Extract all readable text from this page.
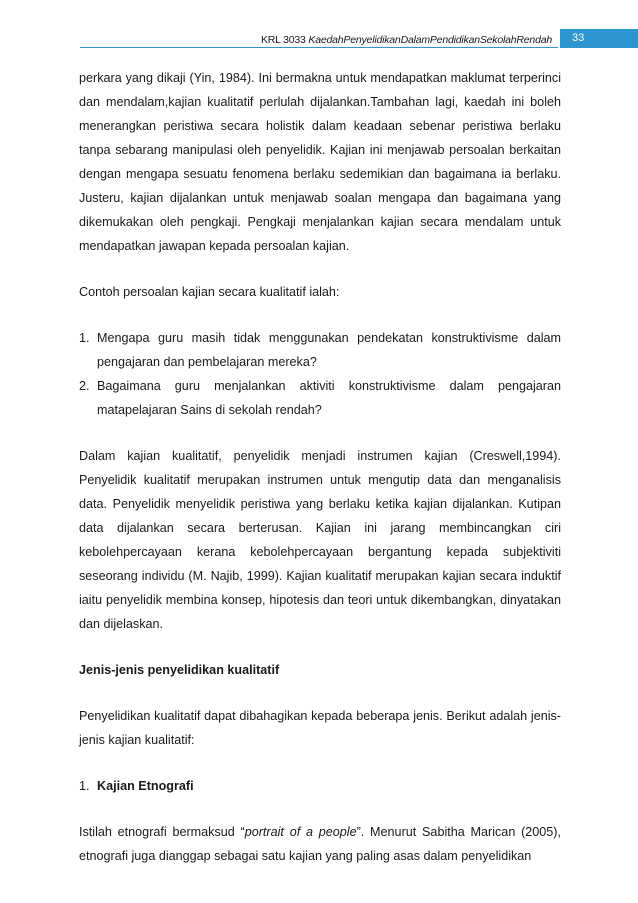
KRL 3033 KaedahPenyelidikanDalamPendidikanSekolahRendah	33

perkara yang dikaji (Yin, 1984). Ini bermakna untuk mendapatkan maklumat terperinci dan mendalam,kajian kualitatif perlulah dijalankan.Tambahan lagi, kaedah ini boleh menerangkan peristiwa secara holistik dalam keadaan sebenar peristiwa berlaku tanpa sebarang manipulasi oleh penyelidik. Kajian ini menjawab persoalan berkaitan dengan mengapa sesuatu fenomena berlaku sedemikian dan bagaimana ia berlaku. Justeru, kajian dijalankan untuk menjawab soalan mengapa dan bagaimana yang dikemukakan oleh pengkaji. Pengkaji menjalankan kajian secara mendalam untuk mendapatkan jawapan kepada persoalan kajian.

Contoh persoalan kajian secara kualitatif ialah:

1. Mengapa guru masih tidak menggunakan pendekatan konstruktivisme dalam pengajaran dan pembelajaran mereka?
2. Bagaimana guru menjalankan aktiviti konstruktivisme dalam pengajaran matapelajaran Sains di sekolah rendah?

Dalam kajian kualitatif, penyelidik menjadi instrumen kajian (Creswell,1994). Penyelidik kualitatif merupakan instrumen untuk mengutip data dan menganalisis data. Penyelidik menyelidik peristiwa yang berlaku ketika kajian dijalankan. Kutipan data dijalankan secara berterusan. Kajian ini jarang membincangkan ciri kebolehpercayaan kerana kebolehpercayaan bergantung kepada subjektiviti seseorang individu (M. Najib, 1999). Kajian kualitatif merupakan kajian secara induktif iaitu penyelidik membina konsep, hipotesis dan teori untuk dikembangkan, dinyatakan dan dijelaskan.

Jenis-jenis penyelidikan kualitatif

Penyelidikan kualitatif dapat dibahagikan kepada beberapa jenis. Berikut adalah jenis-jenis kajian kualitatif:

1. Kajian Etnografi

Istilah etnografi bermaksud “portrait of a people”. Menurut Sabitha Marican (2005), etnografi juga dianggap sebagai satu kajian yang paling asas dalam penyelidikan
